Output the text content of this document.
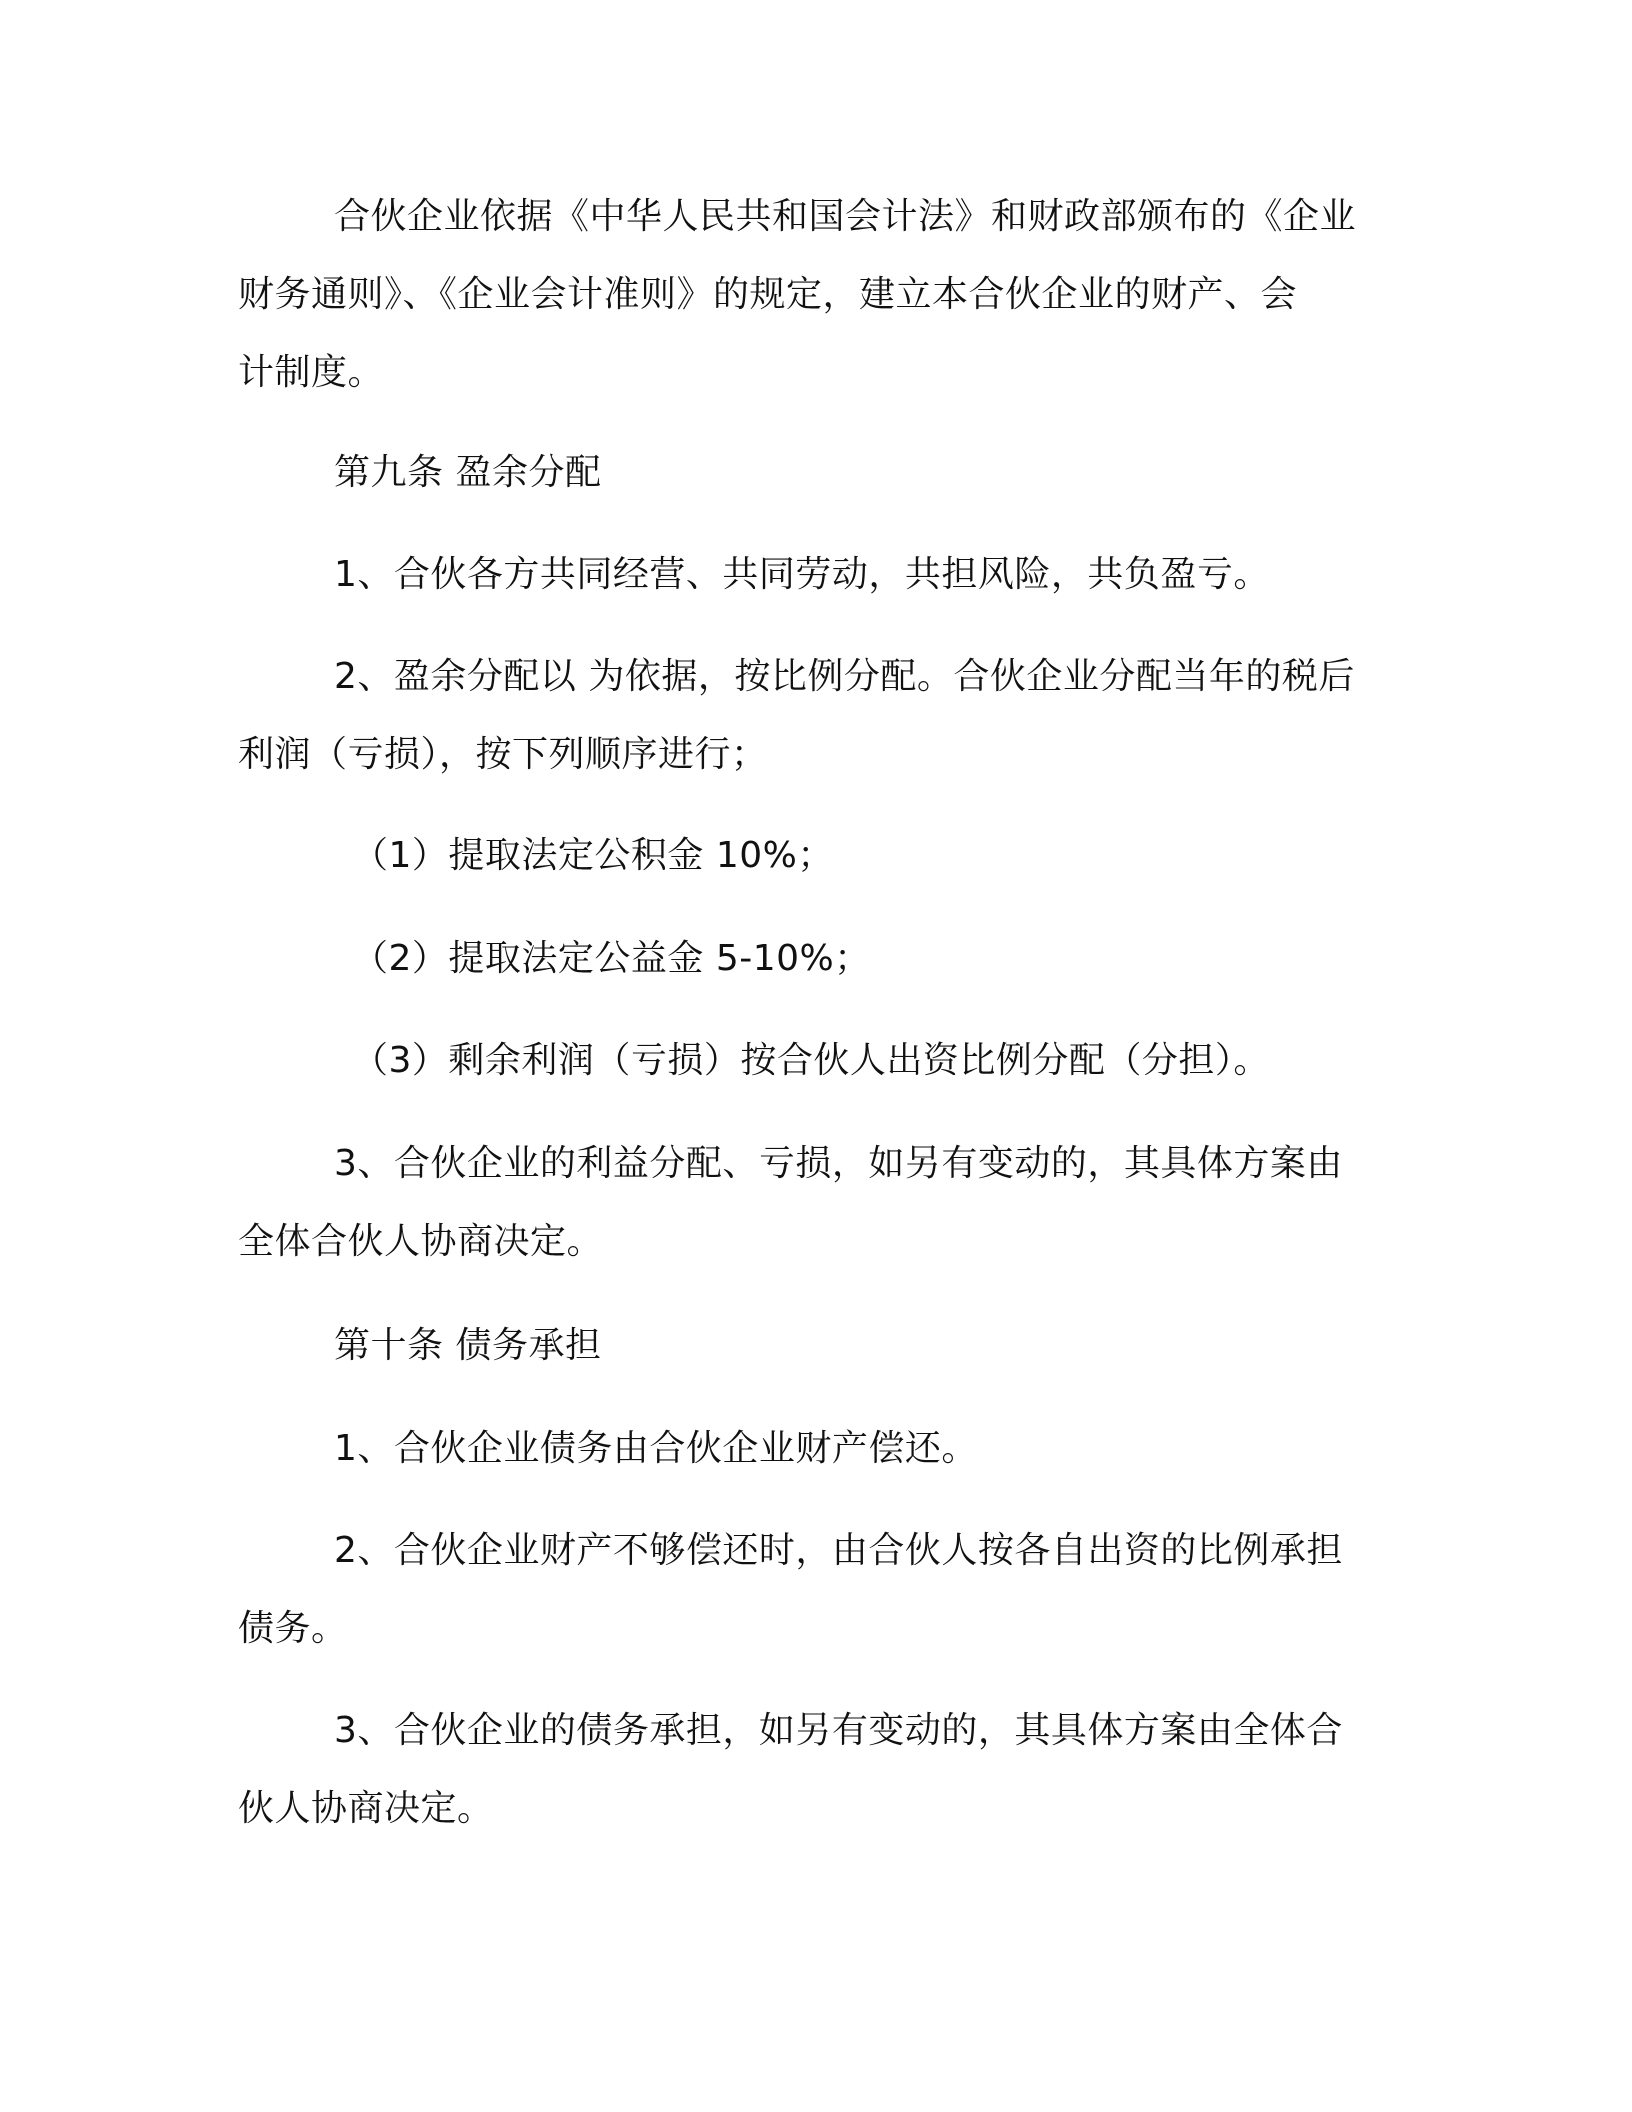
合伙企业依据《中华人民共和国会计法》和财政部颁布的《企业
财务通则》、《企业会计准则》的规定，建立本合伙企业的财产、会
计制度。
第九条 盈余分配
1、合伙各方共同经营、共同劳动，共担风险，共负盈亏。
2、盈余分配以 为依据，按比例分配。合伙企业分配当年的税后
利润（亏损），按下列顺序进行；
（1）提取法定公积金 10%；
（2）提取法定公益金 5-10%；
（3）剩余利润（亏损）按合伙人出资比例分配（分担）。
3、合伙企业的利益分配、亏损，如另有变动的，其具体方案由
全体合伙人协商决定。
第十条 债务承担
1、合伙企业债务由合伙企业财产偿还。
2、合伙企业财产不够偿还时，由合伙人按各自出资的比例承担
债务。
3、合伙企业的债务承担，如另有变动的，其具体方案由全体合
伙人协商决定。
